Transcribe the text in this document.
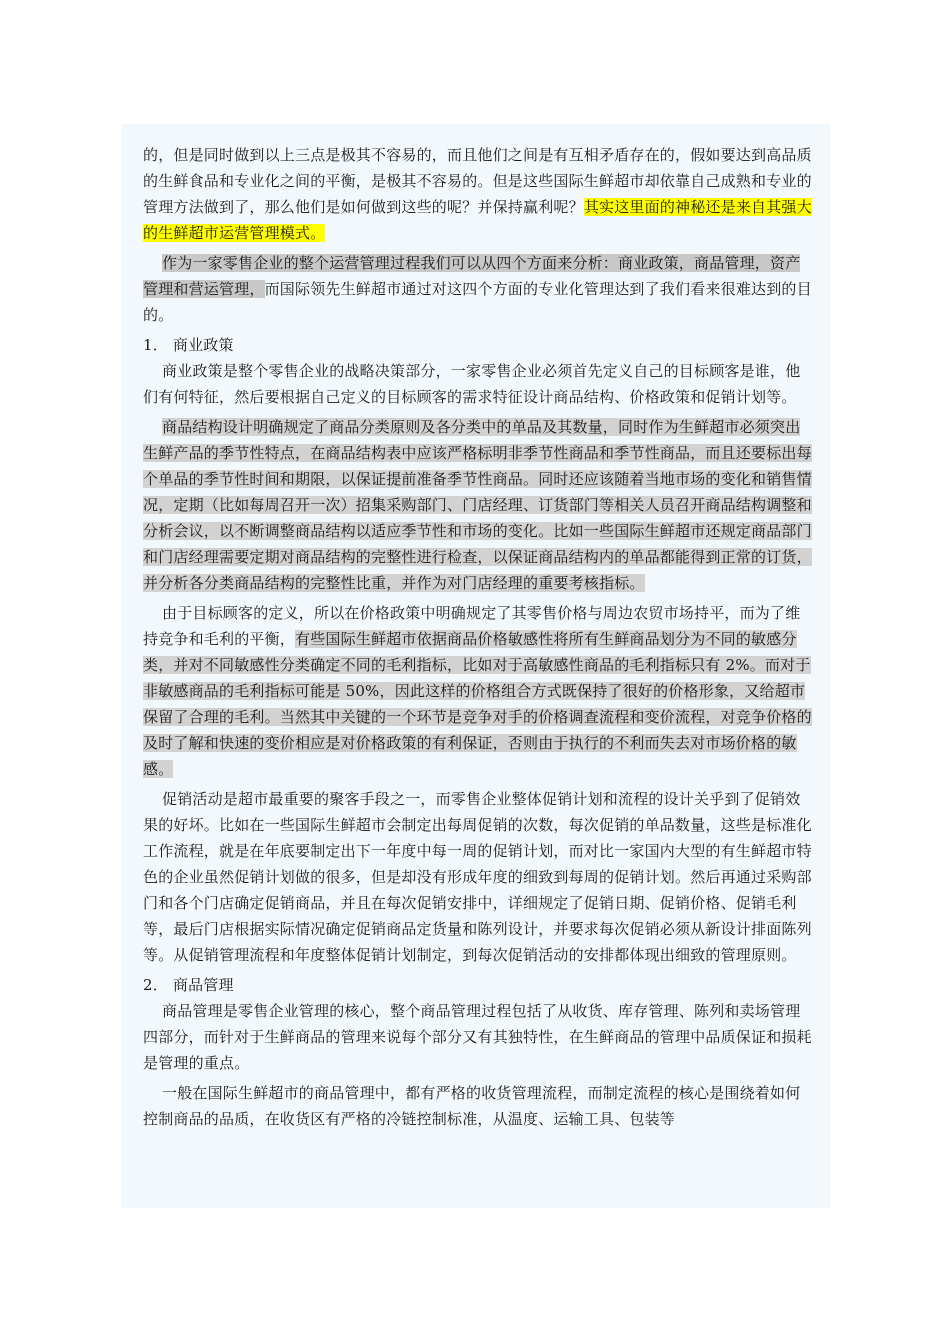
的，但是同时做到以上三点是极其不容易的，而且他们之间是有互相矛盾存在的，假如要达到高品质的生鲜食品和专业化之间的平衡，是极其不容易的。但是这些国际生鲜超市却依靠自己成熟和专业的管理方法做到了，那么他们是如何做到这些的呢？并保持赢利呢？其实这里面的神秘还是来自其强大的生鲜超市运营管理模式。

作为一家零售企业的整个运营管理过程我们可以从四个方面来分析：商业政策，商品管理，资产管理和营运管理，而国际领先生鲜超市通过对这四个方面的专业化管理达到了我们看来很难达到的目的。

1． 商业政策

商业政策是整个零售企业的战略决策部分，一家零售企业必须首先定义自己的目标顾客是谁，他们有何特征，然后要根据自己定义的目标顾客的需求特征设计商品结构、价格政策和促销计划等。

商品结构设计明确规定了商品分类原则及各分类中的单品及其数量，同时作为生鲜超市必须突出生鲜产品的季节性特点，在商品结构表中应该严格标明非季节性商品和季节性商品，而且还要标出每个单品的季节性时间和期限，以保证提前准备季节性商品。同时还应该随着当地市场的变化和销售情况，定期（比如每周召开一次）招集采购部门、门店经理、订货部门等相关人员召开商品结构调整和分析会议，以不断调整商品结构以适应季节性和市场的变化。比如一些国际生鲜超市还规定商品部门和门店经理需要定期对商品结构的完整性进行检查，以保证商品结构内的单品都能得到正常的订货，并分析各分类商品结构的完整性比重，并作为对门店经理的重要考核指标。

由于目标顾客的定义，所以在价格政策中明确规定了其零售价格与周边农贸市场持平，而为了维持竞争和毛利的平衡，有些国际生鲜超市依据商品价格敏感性将所有生鲜商品划分为不同的敏感分类，并对不同敏感性分类确定不同的毛利指标，比如对于高敏感性商品的毛利指标只有 2%。而对于非敏感商品的毛利指标可能是 50%，因此这样的价格组合方式既保持了很好的价格形象，又给超市保留了合理的毛利。当然其中关键的一个环节是竞争对手的价格调查流程和变价流程，对竞争价格的及时了解和快速的变价相应是对价格政策的有利保证，否则由于执行的不利而失去对市场价格的敏感。

促销活动是超市最重要的聚客手段之一，而零售企业整体促销计划和流程的设计关乎到了促销效果的好坏。比如在一些国际生鲜超市会制定出每周促销的次数，每次促销的单品数量，这些是标准化工作流程，就是在年底要制定出下一年度中每一周的促销计划，而对比一家国内大型的有生鲜超市特色的企业虽然促销计划做的很多，但是却没有形成年度的细致到每周的促销计划。然后再通过采购部门和各个门店确定促销商品，并且在每次促销安排中，详细规定了促销日期、促销价格、促销毛利等，最后门店根据实际情况确定促销商品定货量和陈列设计，并要求每次促销必须从新设计排面陈列等。从促销管理流程和年度整体促销计划制定，到每次促销活动的安排都体现出细致的管理原则。

2． 商品管理

商品管理是零售企业管理的核心，整个商品管理过程包括了从收货、库存管理、陈列和卖场管理四部分，而针对于生鲜商品的管理来说每个部分又有其独特性，在生鲜商品的管理中品质保证和损耗是管理的重点。

一般在国际生鲜超市的商品管理中，都有严格的收货管理流程，而制定流程的核心是围绕着如何控制商品的品质，在收货区有严格的冷链控制标准，从温度、运输工具、包装等
